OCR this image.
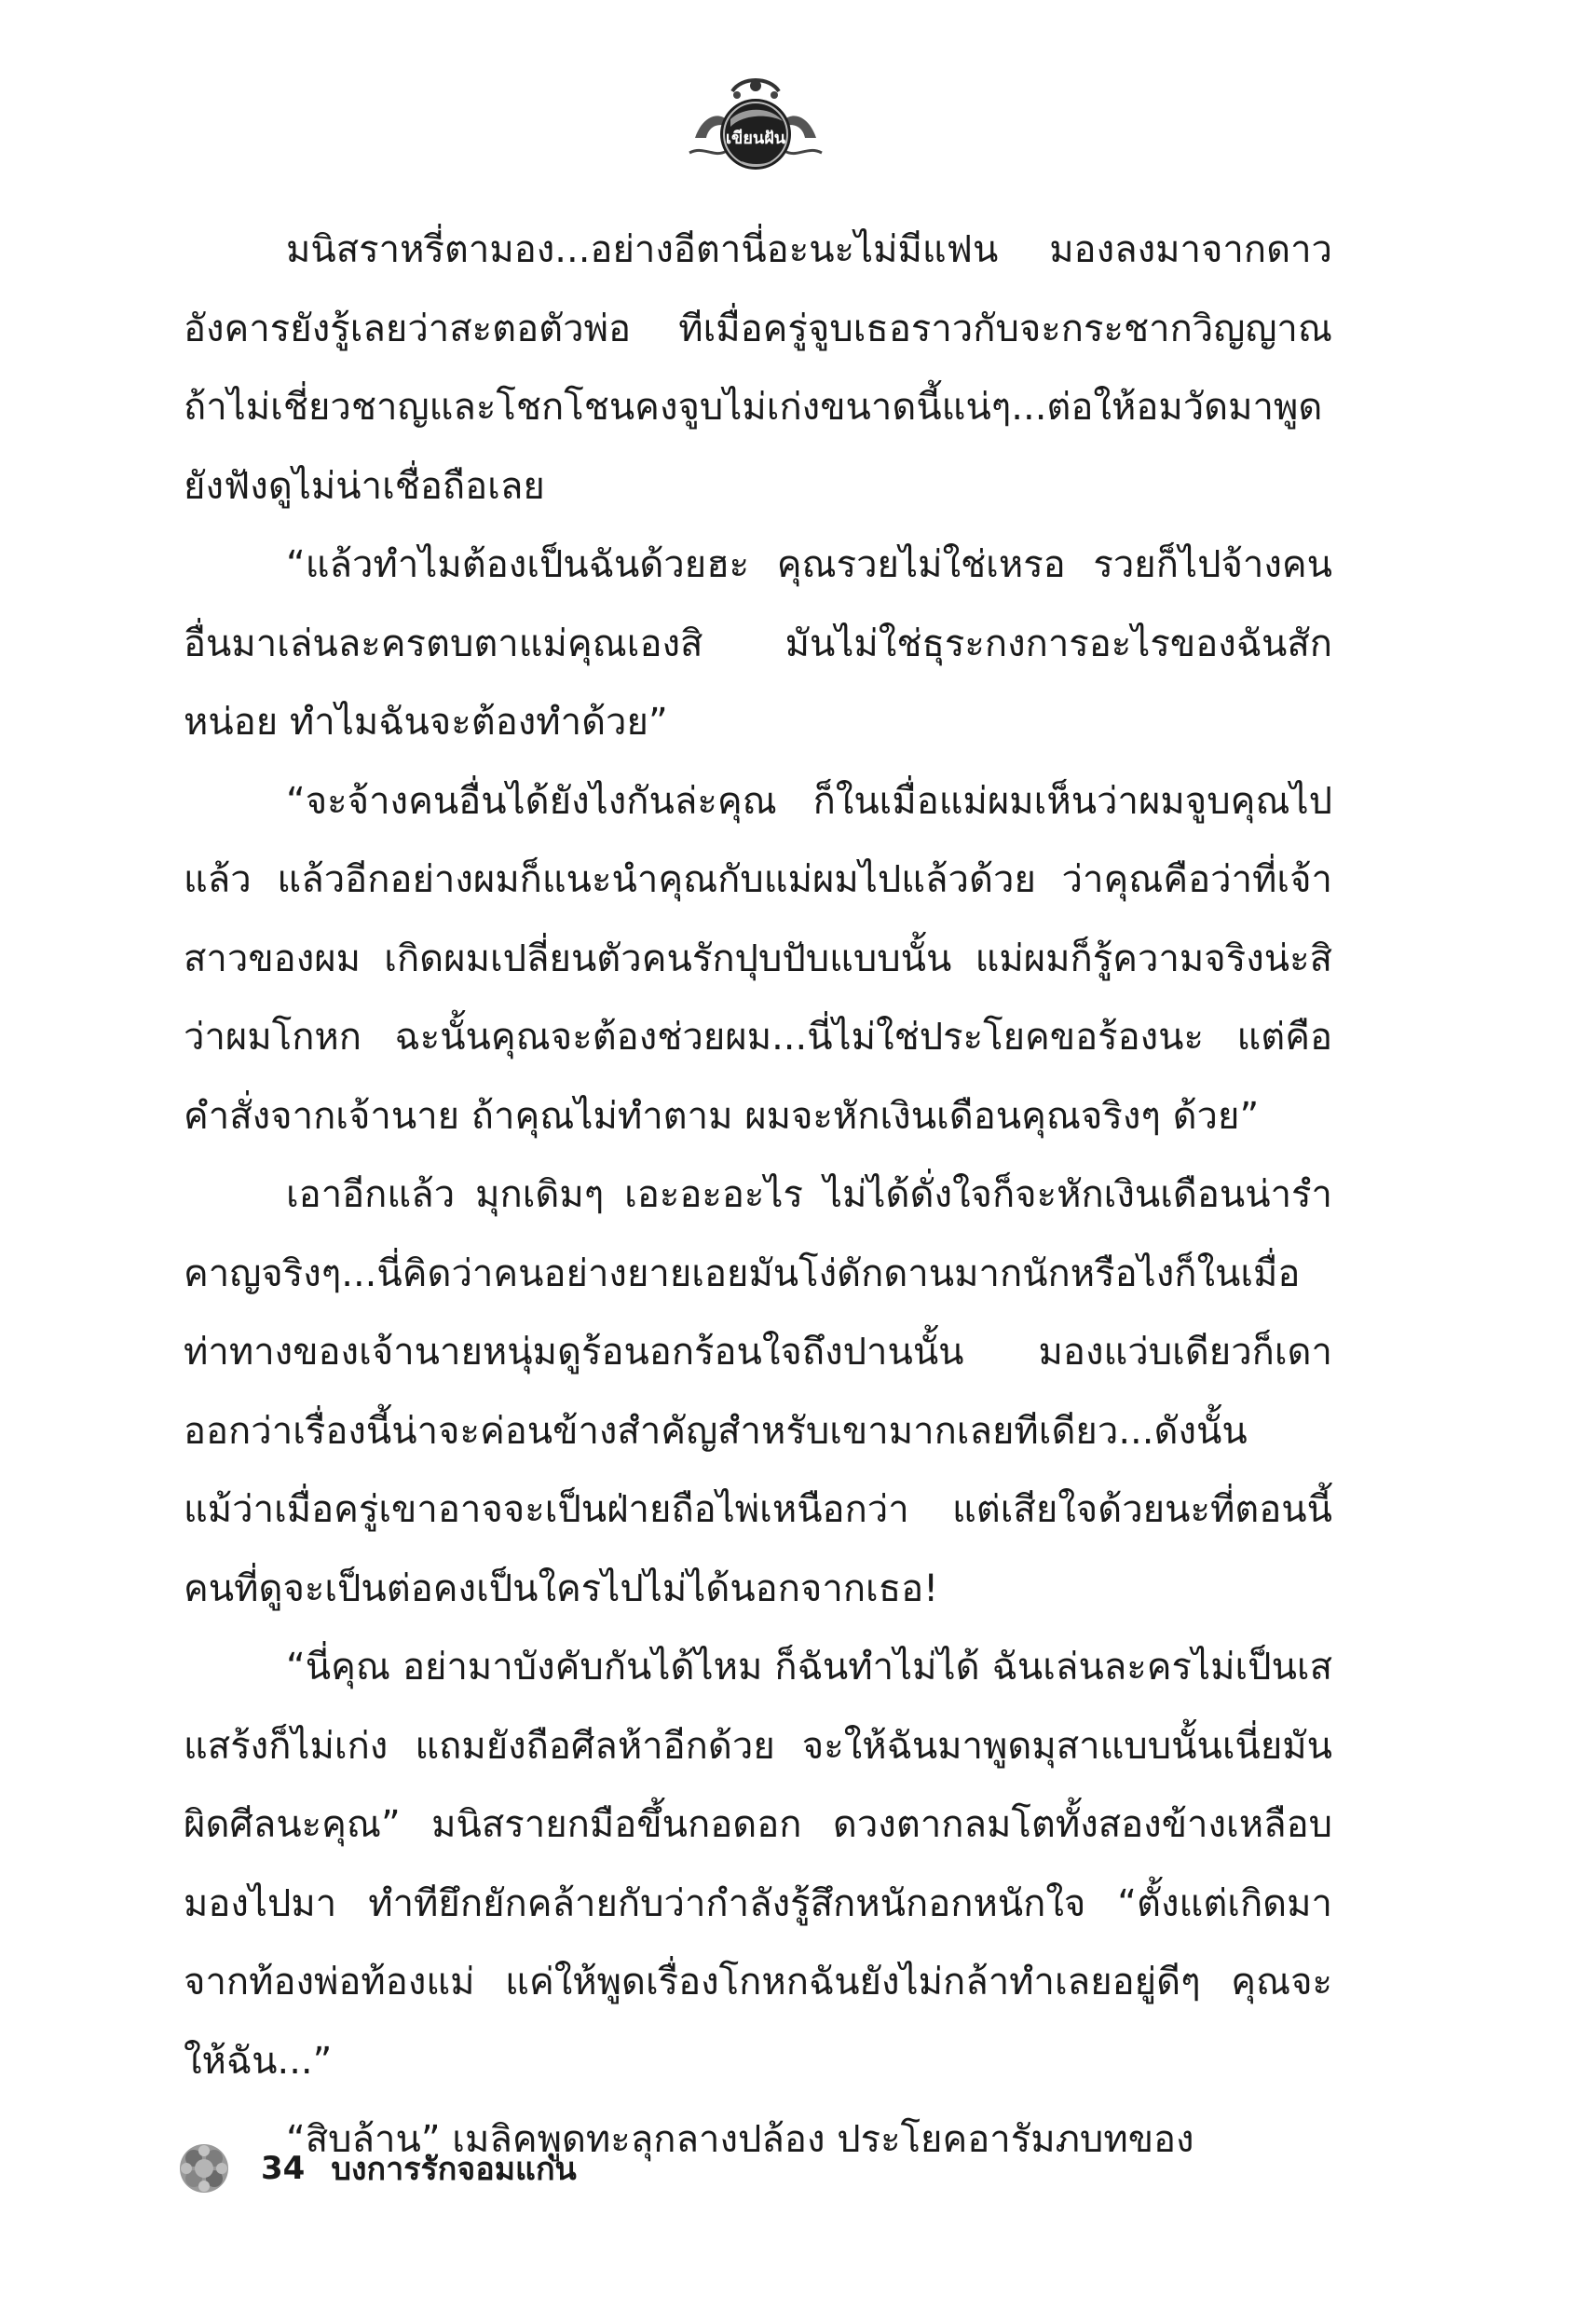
เขียนฝัน

มนิสราหรี่ตามอง...อย่างอีตานี่อะนะไม่มีแฟน มองลงมาจากดาวอังคารยังรู้เลยว่าสะตอตัวพ่อ ทีเมื่อครู่จูบเธอราวกับจะกระชากวิญญาณ ถ้าไม่เชี่ยวชาญและโชกโชนคงจูบไม่เก่งขนาดนี้แน่ๆ...ต่อให้อมวัดมาพูดยังฟังดูไม่น่าเชื่อถือเลย

“แล้วทำไมต้องเป็นฉันด้วยฮะ คุณรวยไม่ใช่เหรอ รวยก็ไปจ้างคนอื่นมาเล่นละครตบตาแม่คุณเองสิ มันไม่ใช่ธุระกงการอะไรของฉันสักหน่อย ทำไมฉันจะต้องทำด้วย”

“จะจ้างคนอื่นได้ยังไงกันล่ะคุณ ก็ในเมื่อแม่ผมเห็นว่าผมจูบคุณไปแล้ว แล้วอีกอย่างผมก็แนะนำคุณกับแม่ผมไปแล้วด้วย ว่าคุณคือว่าที่เจ้าสาวของผม เกิดผมเปลี่ยนตัวคนรักปุบปับแบบนั้น แม่ผมก็รู้ความจริงน่ะสิว่าผมโกหก ฉะนั้นคุณจะต้องช่วยผม...นี่ไม่ใช่ประโยคขอร้องนะ แต่คือคำสั่งจากเจ้านาย ถ้าคุณไม่ทำตาม ผมจะหักเงินเดือนคุณจริงๆ ด้วย”

เอาอีกแล้ว มุกเดิมๆ เอะอะอะไร ไม่ได้ดั่งใจก็จะหักเงินเดือนน่ารำคาญจริงๆ...นี่คิดว่าคนอย่างยายเอยมันโง่ดักดานมากนักหรือไงก็ในเมื่อท่าทางของเจ้านายหนุ่มดูร้อนอกร้อนใจถึงปานนั้น มองแว่บเดียวก็เดาออกว่าเรื่องนี้น่าจะค่อนข้างสำคัญสำหรับเขามากเลยทีเดียว...ดังนั้น แม้ว่าเมื่อครู่เขาอาจจะเป็นฝ่ายถือไพ่เหนือกว่า แต่เสียใจด้วยนะที่ตอนนี้คนที่ดูจะเป็นต่อคงเป็นใครไปไม่ได้นอกจากเธอ!

“นี่คุณ อย่ามาบังคับกันได้ไหม ก็ฉันทำไม่ได้ ฉันเล่นละครไม่เป็นเสแสร้งก็ไม่เก่ง แถมยังถือศีลห้าอีกด้วย จะให้ฉันมาพูดมุสาแบบนั้นเนี่ยมันผิดศีลนะคุณ” มนิสรายกมือขึ้นกอดอก ดวงตากลมโตทั้งสองข้างเหลือบมองไปมา ทำทียึกยักคล้ายกับว่ากำลังรู้สึกหนักอกหนักใจ “ตั้งแต่เกิดมาจากท้องพ่อท้องแม่ แค่ให้พูดเรื่องโกหกฉันยังไม่กล้าทำเลยอยู่ดีๆ คุณจะให้ฉัน...”

“สิบล้าน” เมลิคพูดทะลุกลางปล้อง ประโยคอารัมภบทของ

34 บงการรักจอมแก่น
